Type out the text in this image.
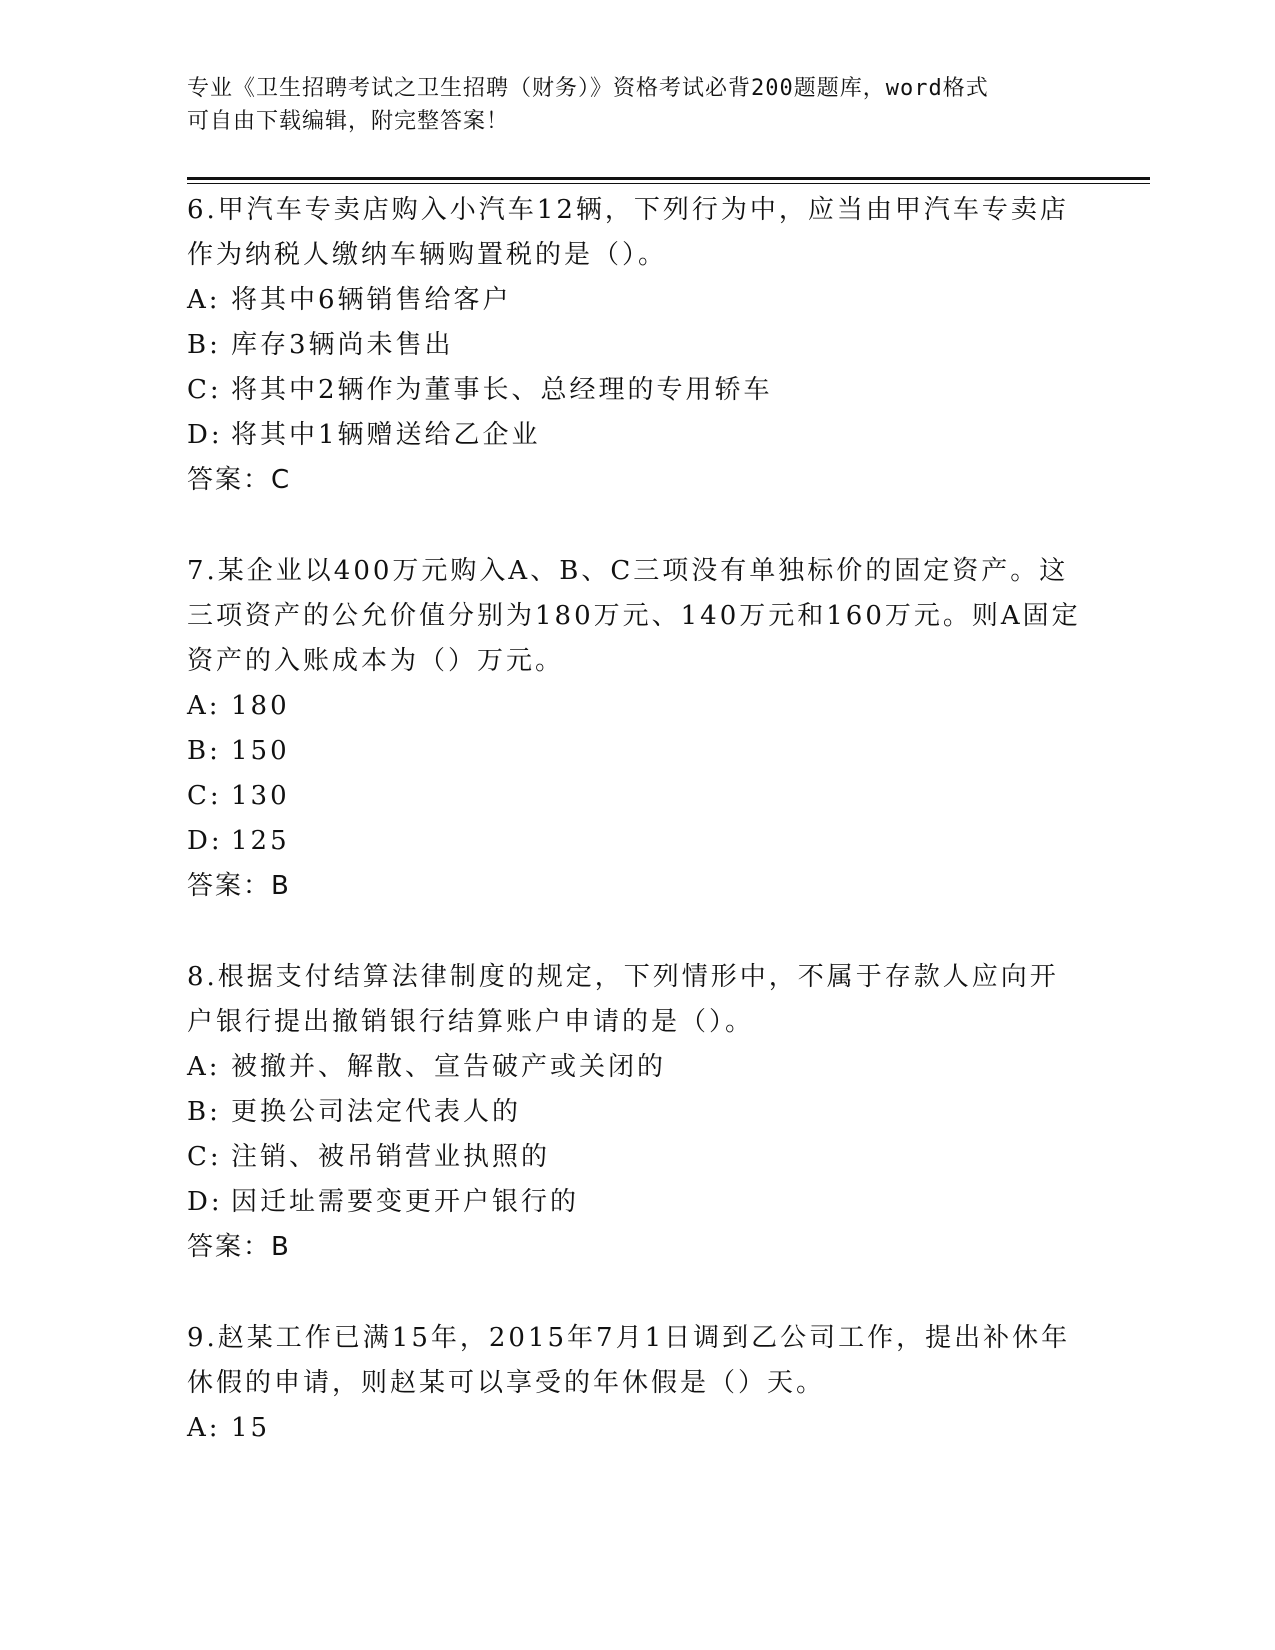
专业《卫生招聘考试之卫生招聘（财务）》资格考试必背200题题库，word格式
可自由下载编辑，附完整答案！
6.甲汽车专卖店购入小汽车12辆，下列行为中，应当由甲汽车专卖店
作为纳税人缴纳车辆购置税的是（）。
A: 将其中6辆销售给客户
B: 库存3辆尚未售出
C: 将其中2辆作为董事长、总经理的专用轿车
D: 将其中1辆赠送给乙企业
答案：C
7.某企业以400万元购入A、B、C三项没有单独标价的固定资产。这
三项资产的公允价值分别为180万元、140万元和160万元。则A固定
资产的入账成本为（）万元。
A: 180
B: 150
C: 130
D: 125
答案：B
8.根据支付结算法律制度的规定，下列情形中，不属于存款人应向开
户银行提出撤销银行结算账户申请的是（）。
A: 被撤并、解散、宣告破产或关闭的
B: 更换公司法定代表人的
C: 注销、被吊销营业执照的
D: 因迁址需要变更开户银行的
答案：B
9.赵某工作已满15年，2015年7月1日调到乙公司工作，提出补休年
休假的申请，则赵某可以享受的年休假是（）天。
A: 15
